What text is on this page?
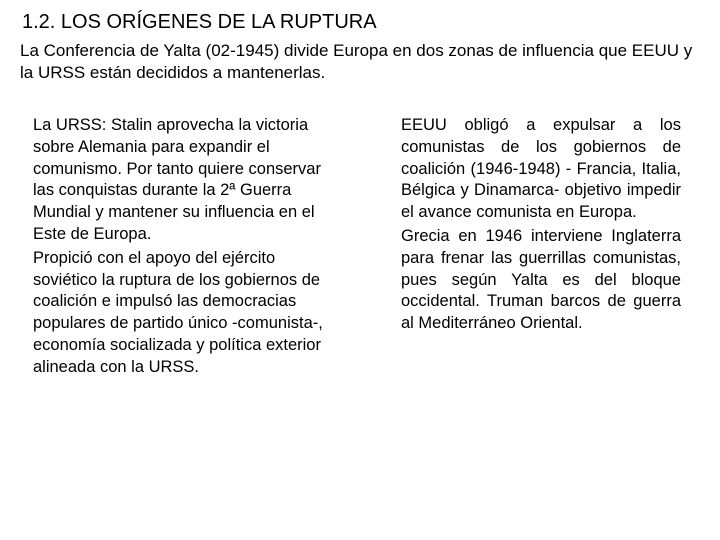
1.2. LOS ORÍGENES DE LA RUPTURA
La Conferencia de Yalta (02-1945) divide Europa en dos zonas de influencia que EEUU y la URSS están decididos a mantenerlas.

La URSS: Stalin aprovecha la victoria sobre Alemania para expandir el comunismo. Por tanto quiere conservar las conquistas durante la 2ª Guerra Mundial y mantener su influencia en el Este de Europa.

Propició con el apoyo del ejército soviético la ruptura de los gobiernos de coalición e impulsó las democracias populares de partido único -comunista-, economía socializada y política exterior alineada con la URSS.

EEUU obligó a expulsar a los comunistas de los gobiernos de coalición (1946-1948) - Francia, Italia, Bélgica y Dinamarca- objetivo impedir el avance comunista en Europa.

Grecia en 1946 interviene Inglaterra para frenar las guerrillas comunistas, pues según Yalta es del bloque occidental. Truman barcos de guerra al Mediterráneo Oriental.
